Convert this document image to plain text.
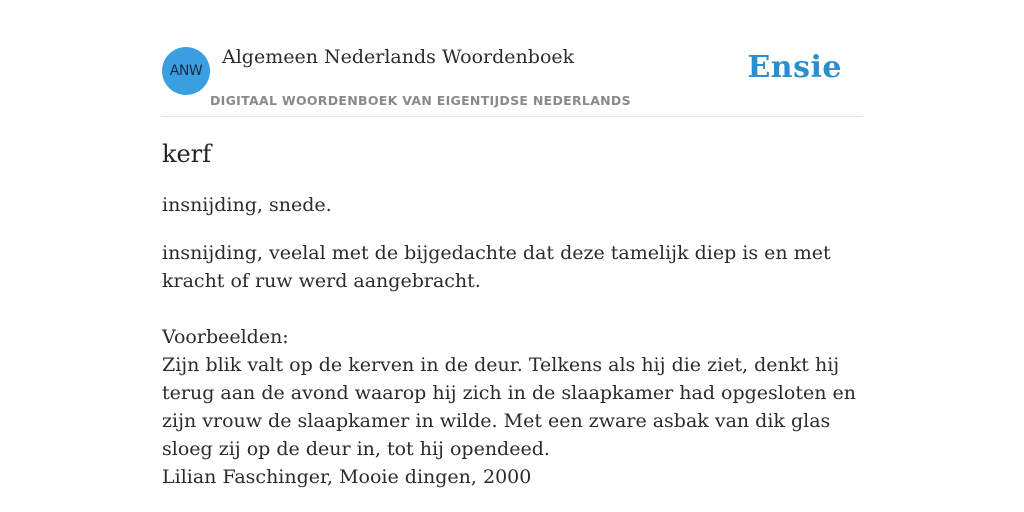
ANW
Algemeen Nederlands Woordenboek
DIGITAAL WOORDENBOEK VAN EIGENTIJDSE NEDERLANDS
Ensie
kerf
insnijding, snede.

insnijding, veelal met de bijgedachte dat deze tamelijk diep is en met kracht of ruw werd aangebracht.

Voorbeelden:

Zijn blik valt op de kerven in de deur. Telkens als hij die ziet, denkt hij terug aan de avond waarop hij zich in de slaapkamer had opgesloten en zijn vrouw de slaapkamer in wilde. Met een zware asbak van dik glas sloeg zij op de deur in, tot hij opendeed.

Lilian Faschinger, Mooie dingen, 2000
